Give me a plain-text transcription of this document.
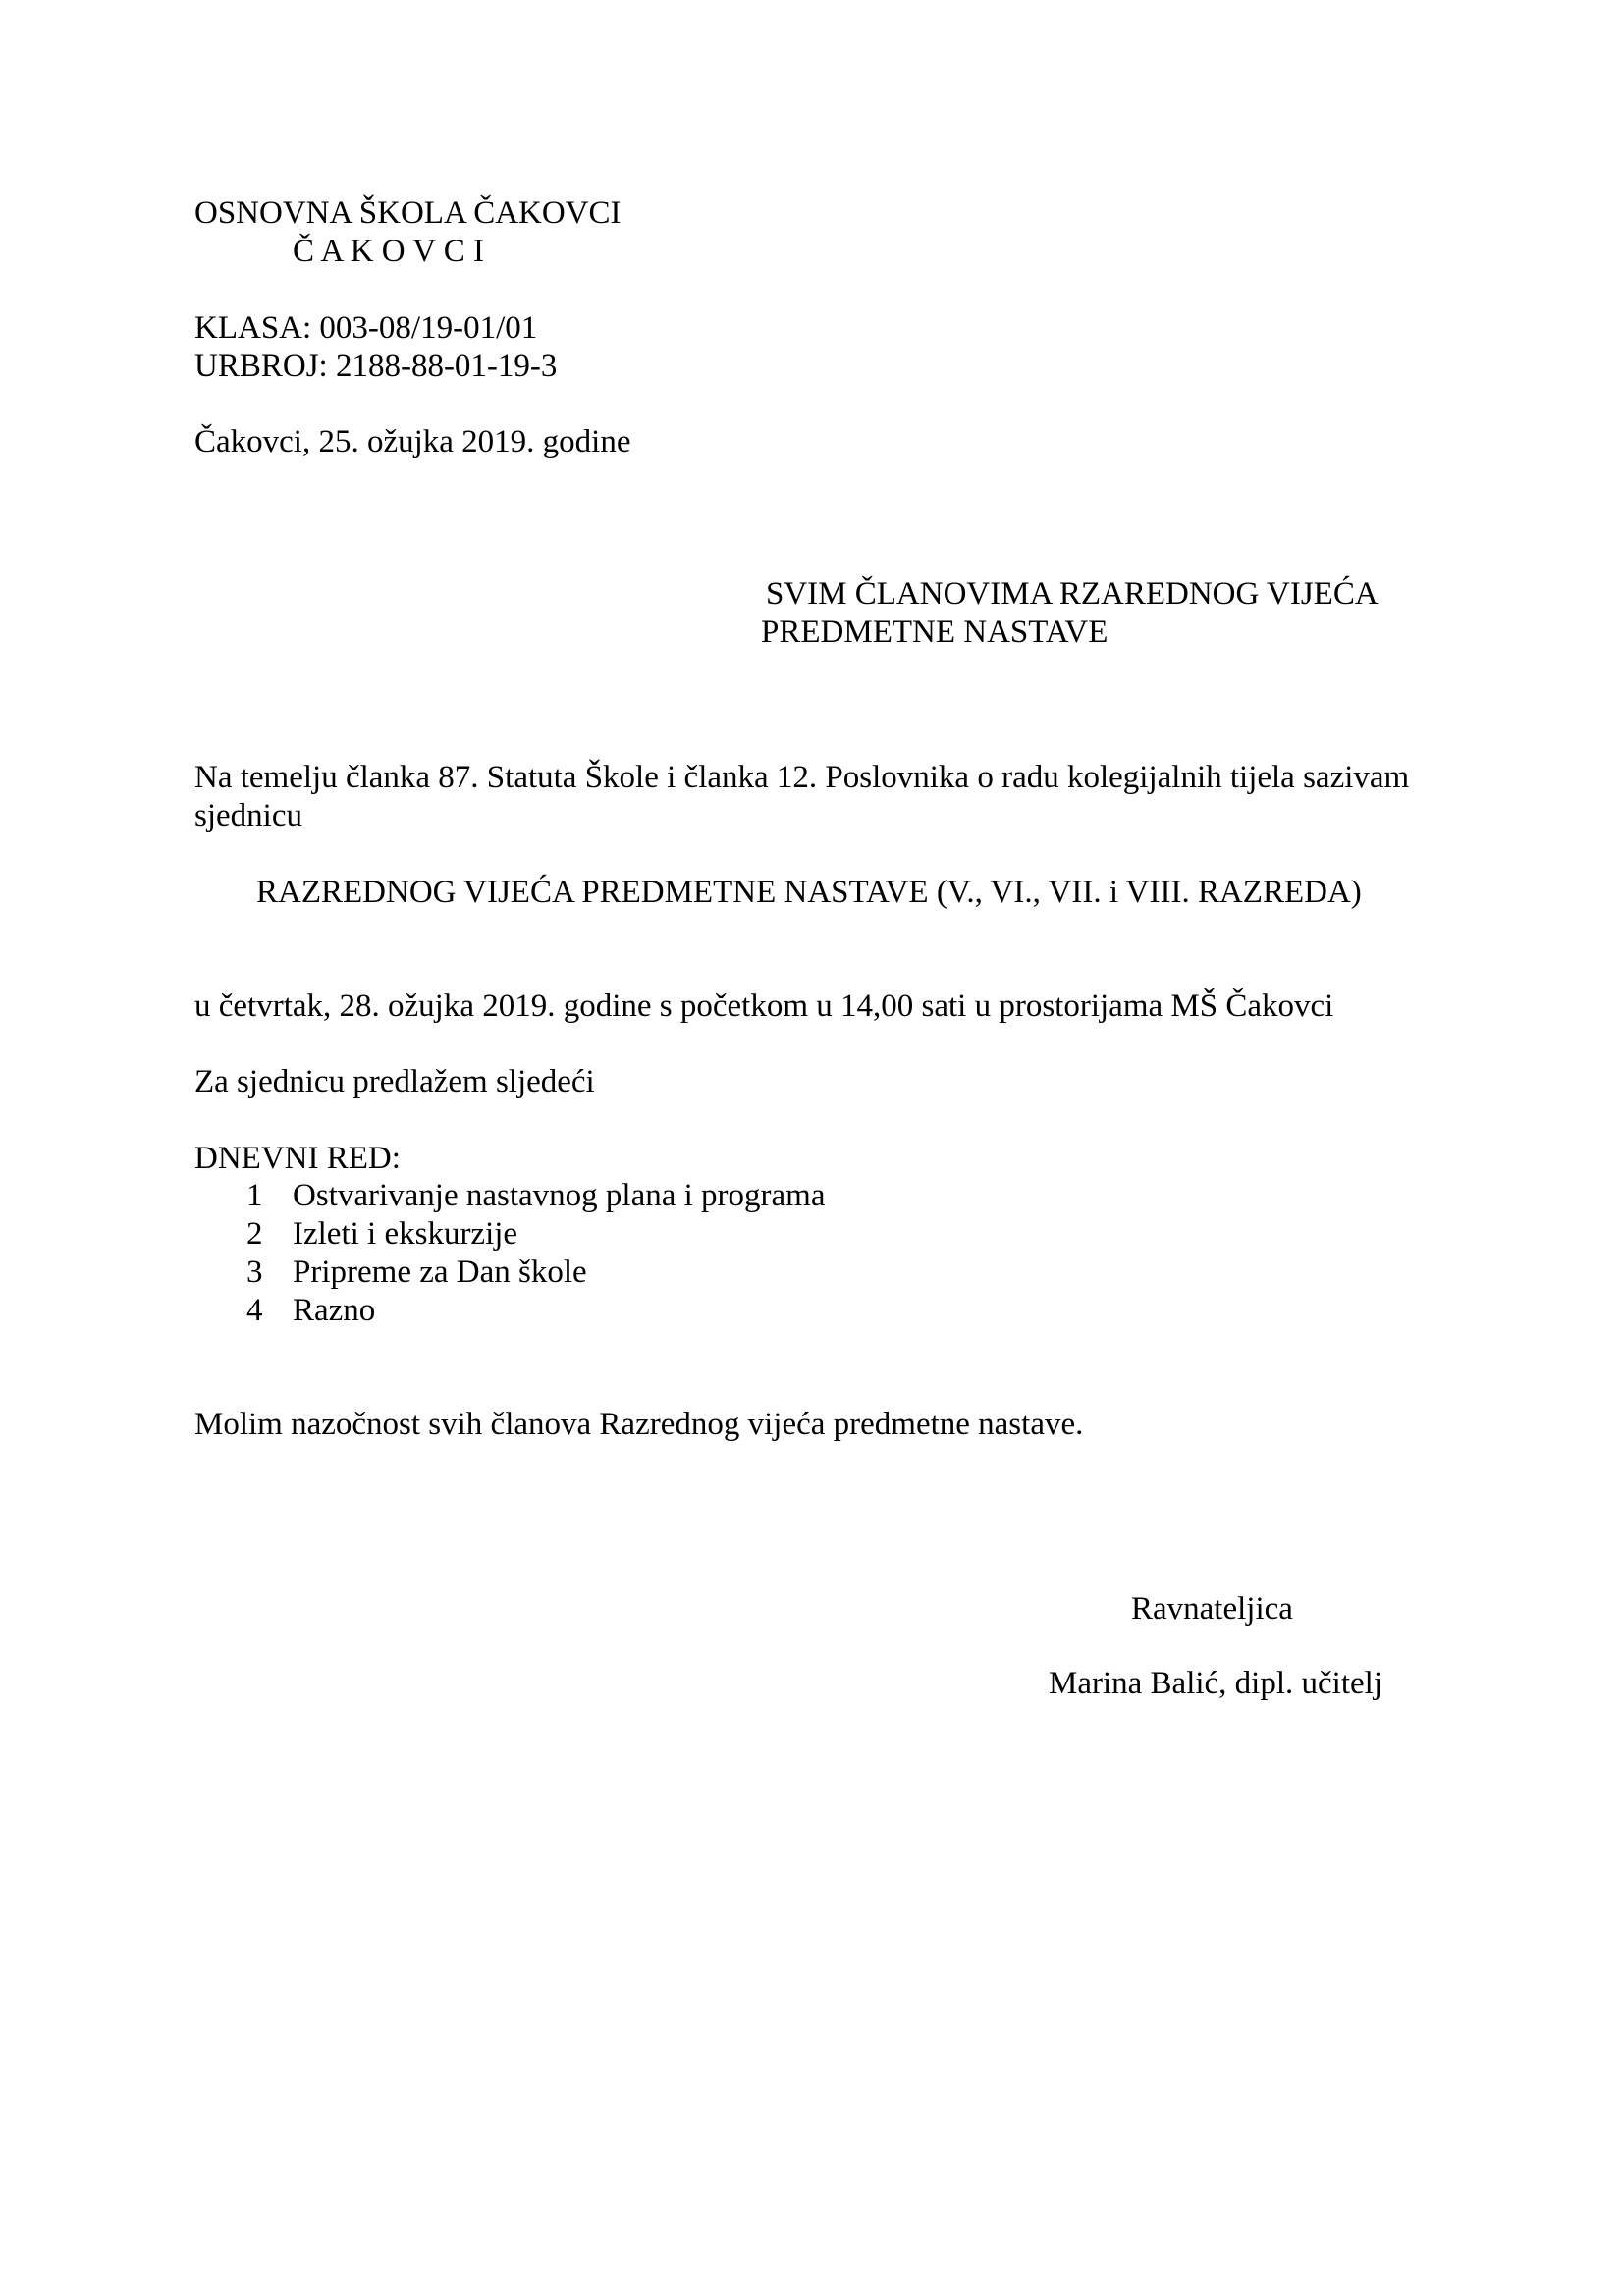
OSNOVNA ŠKOLA ČAKOVCI

Č A K O V C I

KLASA: 003-08/19-01/01

URBROJ: 2188-88-01-19-3

Čakovci, 25. ožujka 2019. godine

SVIM ČLANOVIMA RZAREDNOG VIJEĆA

PREDMETNE NASTAVE

Na temelju članka 87. Statuta Škole i članka 12. Poslovnika o radu kolegijalnih tijela sazivam

sjednicu

RAZREDNOG VIJEĆA PREDMETNE NASTAVE (V., VI., VII. i VIII. RAZREDA)

u četvrtak, 28. ožujka 2019. godine s početkom u 14,00 sati u prostorijama MŠ Čakovci

Za sjednicu predlažem sljedeći

DNEVNI RED:

1 Ostvarivanje nastavnog plana i programa
2 Izleti i ekskurzije
3 Pripreme za Dan škole
4 Razno

Molim nazočnost svih članova Razrednog vijeća predmetne nastave.

Ravnateljica

Marina Balić, dipl. učitelj
